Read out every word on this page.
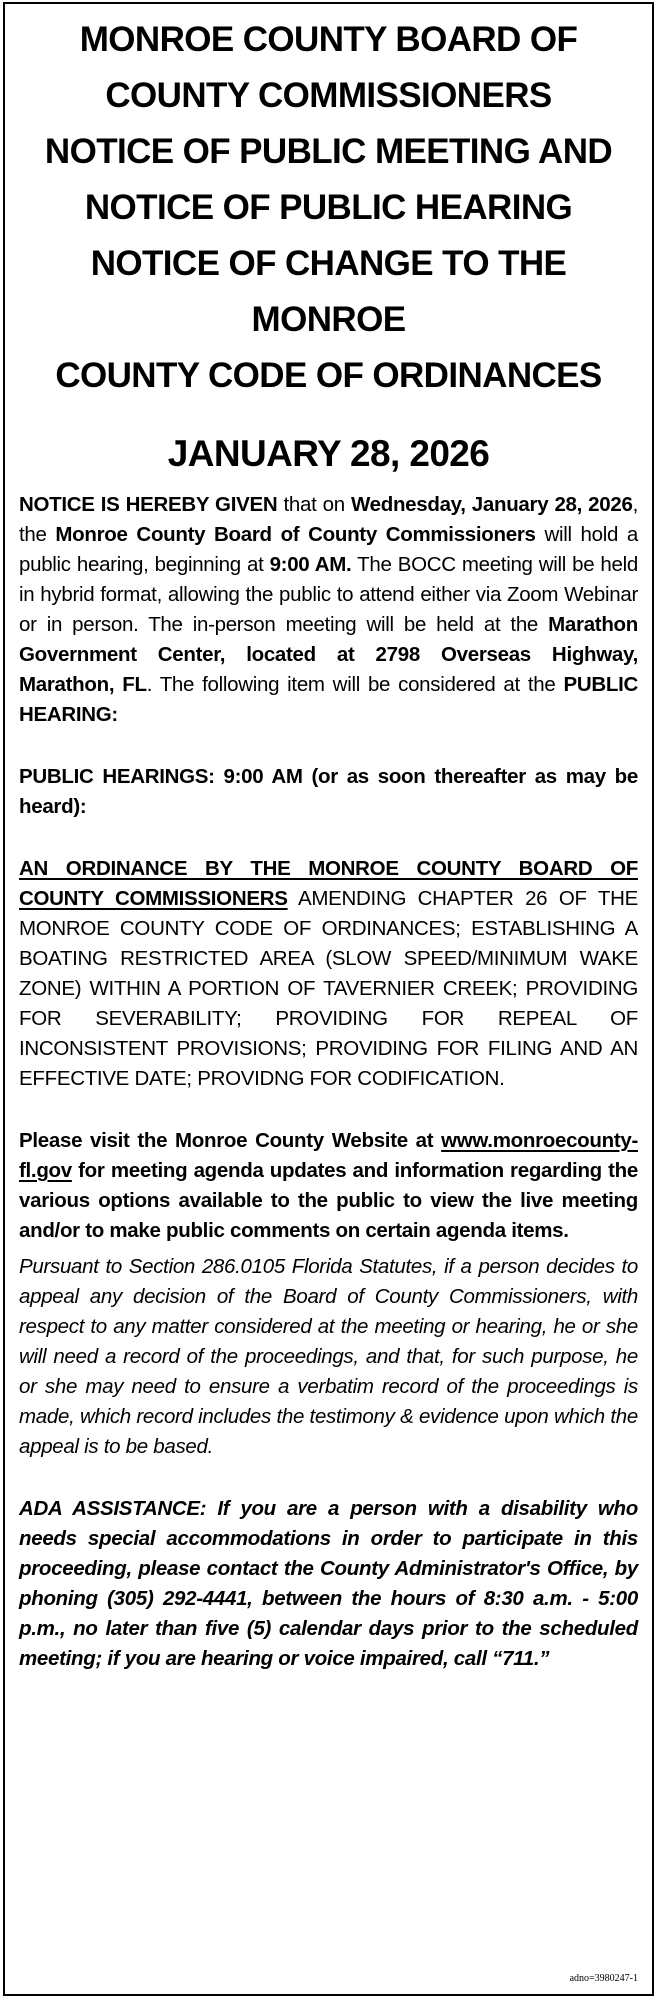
MONROE COUNTY BOARD OF
COUNTY COMMISSIONERS
NOTICE OF PUBLIC MEETING AND
NOTICE OF PUBLIC HEARING
NOTICE OF CHANGE TO THE MONROE
COUNTY CODE OF ORDINANCES
JANUARY 28, 2026

NOTICE IS HEREBY GIVEN that on Wednesday, January 28, 2026, the Monroe County Board of County Commissioners will hold a public hearing, beginning at 9:00 AM. The BOCC meeting will be held in hybrid format, allowing the public to attend either via Zoom Webinar or in person. The in-person meeting will be held at the Marathon Government Center, located at 2798 Overseas Highway, Marathon, FL. The following item will be considered at the PUBLIC HEARING:

PUBLIC HEARINGS: 9:00 AM (or as soon thereafter as may be heard):

AN ORDINANCE BY THE MONROE COUNTY BOARD OF COUNTY COMMISSIONERS AMENDING CHAPTER 26 OF THE MONROE COUNTY CODE OF ORDINANCES; ESTABLISHING A BOATING RESTRICTED AREA (SLOW SPEED/MINIMUM WAKE ZONE) WITHIN A PORTION OF TAVERNIER CREEK; PROVIDING FOR SEVERABILITY; PROVIDING FOR REPEAL OF INCONSISTENT PROVISIONS; PROVIDING FOR FILING AND AN EFFECTIVE DATE; PROVIDNG FOR CODIFICATION.

Please visit the Monroe County Website at www.monroecounty-fl.gov for meeting agenda updates and information regarding the various options available to the public to view the live meeting and/or to make public comments on certain agenda items.

Pursuant to Section 286.0105 Florida Statutes, if a person decides to appeal any decision of the Board of County Commissioners, with respect to any matter considered at the meeting or hearing, he or she will need a record of the proceedings, and that, for such purpose, he or she may need to ensure a verbatim record of the proceedings is made, which record includes the testimony & evidence upon which the appeal is to be based.

ADA ASSISTANCE: If you are a person with a disability who needs special accommodations in order to participate in this proceeding, please contact the County Administrator's Office, by phoning (305) 292-4441, between the hours of 8:30 a.m. - 5:00 p.m., no later than five (5) calendar days prior to the scheduled meeting; if you are hearing or voice impaired, call “711.”

adno=3980247-1
